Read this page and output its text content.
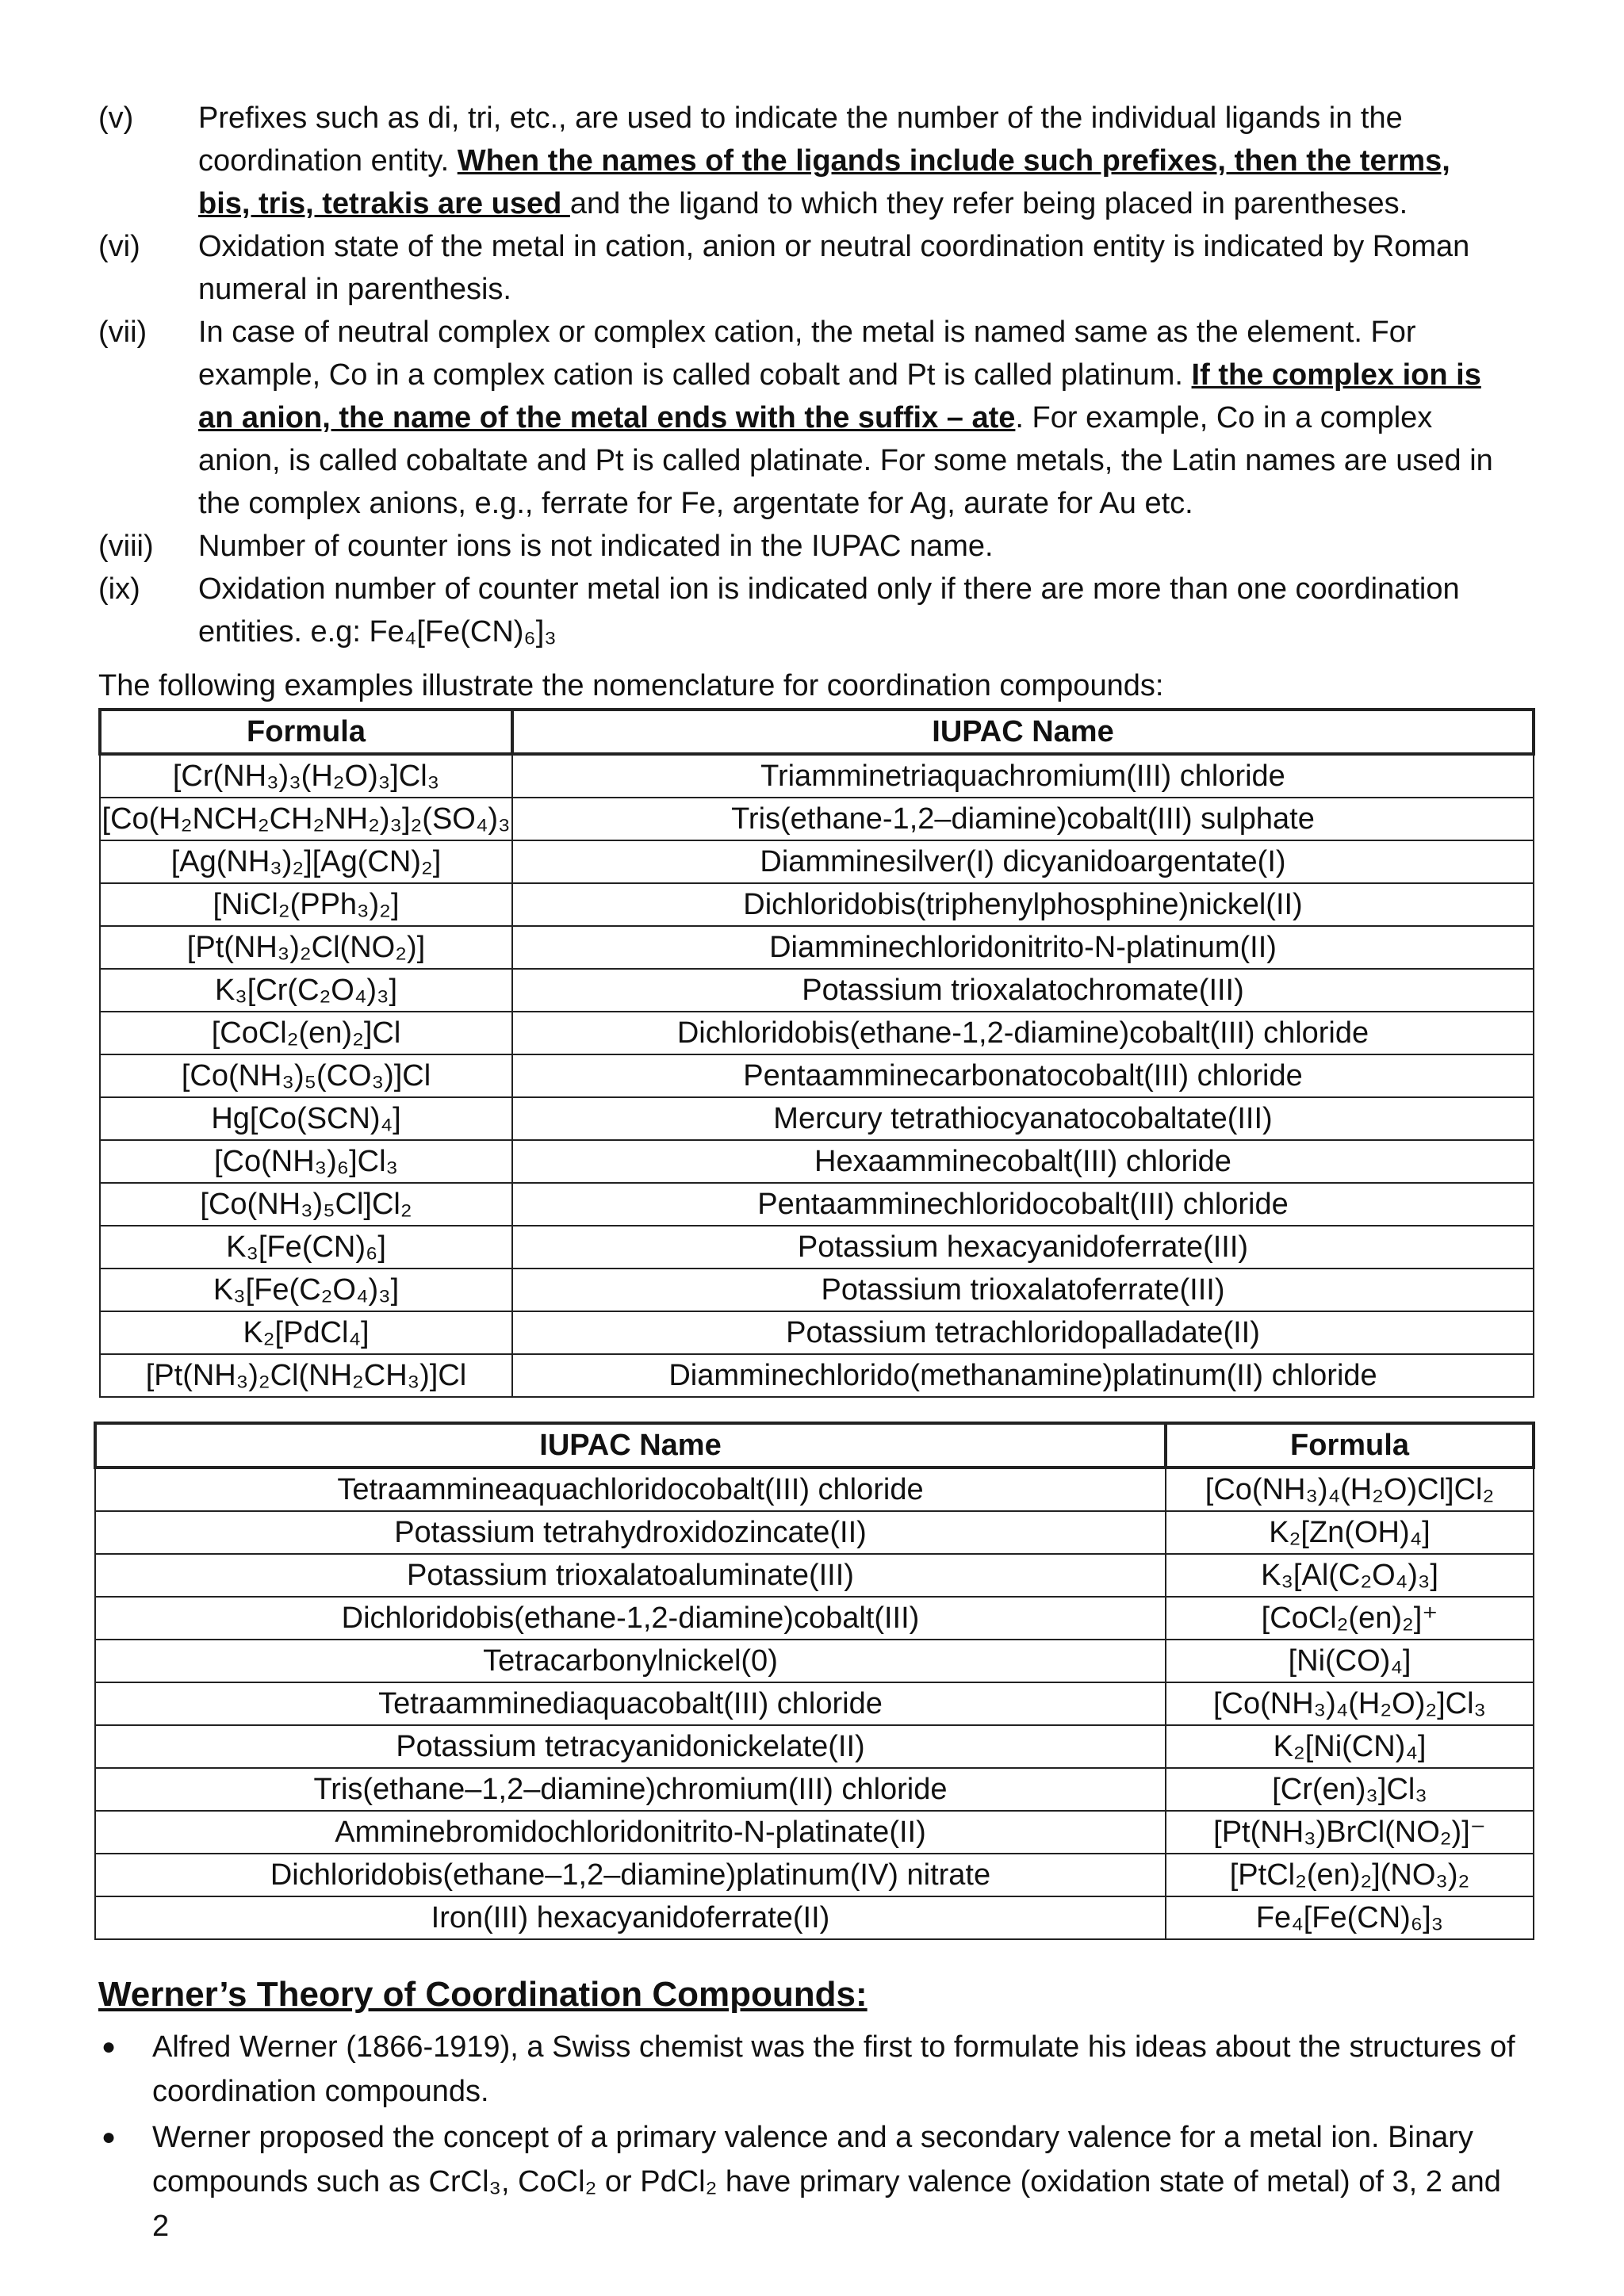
(v)	Prefixes such as di, tri, etc., are used to indicate the number of the individual ligands in the coordination entity. When the names of the ligands include such prefixes, then the terms, bis, tris, tetrakis are used and the ligand to which they refer being placed in parentheses.
(vi)	Oxidation state of the metal in cation, anion or neutral coordination entity is indicated by Roman numeral in parenthesis.
(vii)	In case of neutral complex or complex cation, the metal is named same as the element. For example, Co in a complex cation is called cobalt and Pt is called platinum. If the complex ion is an anion, the name of the metal ends with the suffix – ate. For example, Co in a complex anion, is called cobaltate and Pt is called platinate. For some metals, the Latin names are used in the complex anions, e.g., ferrate for Fe, argentate for Ag, aurate for Au etc.
(viii)	Number of counter ions is not indicated in the IUPAC name.
(ix)	Oxidation number of counter metal ion is indicated only if there are more than one coordination entities. e.g: Fe₄[Fe(CN)₆]₃
The following examples illustrate the nomenclature for coordination compounds:
Formula	IUPAC Name
[Cr(NH₃)₃(H₂O)₃]Cl₃	Triamminetriaquachromium(III) chloride
[Co(H₂NCH₂CH₂NH₂)₃]₂(SO₄)₃	Tris(ethane-1,2–diamine)cobalt(III) sulphate
[Ag(NH₃)₂][Ag(CN)₂]	Diamminesilver(I) dicyanidoargentate(I)
[NiCl₂(PPh₃)₂]	Dichloridobis(triphenylphosphine)nickel(II)
[Pt(NH₃)₂Cl(NO₂)]	Diamminechloridonitrito-N-platinum(II)
K₃[Cr(C₂O₄)₃]	Potassium trioxalatochromate(III)
[CoCl₂(en)₂]Cl	Dichloridobis(ethane-1,2-diamine)cobalt(III) chloride
[Co(NH₃)₅(CO₃)]Cl	Pentaamminecarbonatocobalt(III) chloride
Hg[Co(SCN)₄]	Mercury tetrathiocyanatocobaltate(III)
[Co(NH₃)₆]Cl₃	Hexaamminecobalt(III) chloride
[Co(NH₃)₅Cl]Cl₂	Pentaamminechloridocobalt(III) chloride
K₃[Fe(CN)₆]	Potassium hexacyanidoferrate(III)
K₃[Fe(C₂O₄)₃]	Potassium trioxalatoferrate(III)
K₂[PdCl₄]	Potassium tetrachloridopalladate(II)
[Pt(NH₃)₂Cl(NH₂CH₃)]Cl	Diamminechlorido(methanamine)platinum(II) chloride
IUPAC Name	Formula
Tetraammineaquachloridocobalt(III) chloride	[Co(NH₃)₄(H₂O)Cl]Cl₂
Potassium tetrahydroxidozincate(II)	K₂[Zn(OH)₄]
Potassium trioxalatoaluminate(III)	K₃[Al(C₂O₄)₃]
Dichloridobis(ethane-1,2-diamine)cobalt(III)	[CoCl₂(en)₂]⁺
Tetracarbonylnickel(0)	[Ni(CO)₄]
Tetraamminediaquacobalt(III) chloride	[Co(NH₃)₄(H₂O)₂]Cl₃
Potassium tetracyanidonickelate(II)	K₂[Ni(CN)₄]
Tris(ethane–1,2–diamine)chromium(III) chloride	[Cr(en)₃]Cl₃
Amminebromidochloridonitrito-N-platinate(II)	[Pt(NH₃)BrCl(NO₂)]⁻
Dichloridobis(ethane–1,2–diamine)platinum(IV) nitrate	[PtCl₂(en)₂](NO₃)₂
Iron(III) hexacyanidoferrate(II)	Fe₄[Fe(CN)₆]₃
Werner’s Theory of Coordination Compounds:
●	Alfred Werner (1866-1919), a Swiss chemist was the first to formulate his ideas about the structures of coordination compounds.
●	Werner proposed the concept of a primary valence and a secondary valence for a metal ion. Binary compounds such as CrCl₃, CoCl₂ or PdCl₂ have primary valence (oxidation state of metal) of 3, 2 and 2
